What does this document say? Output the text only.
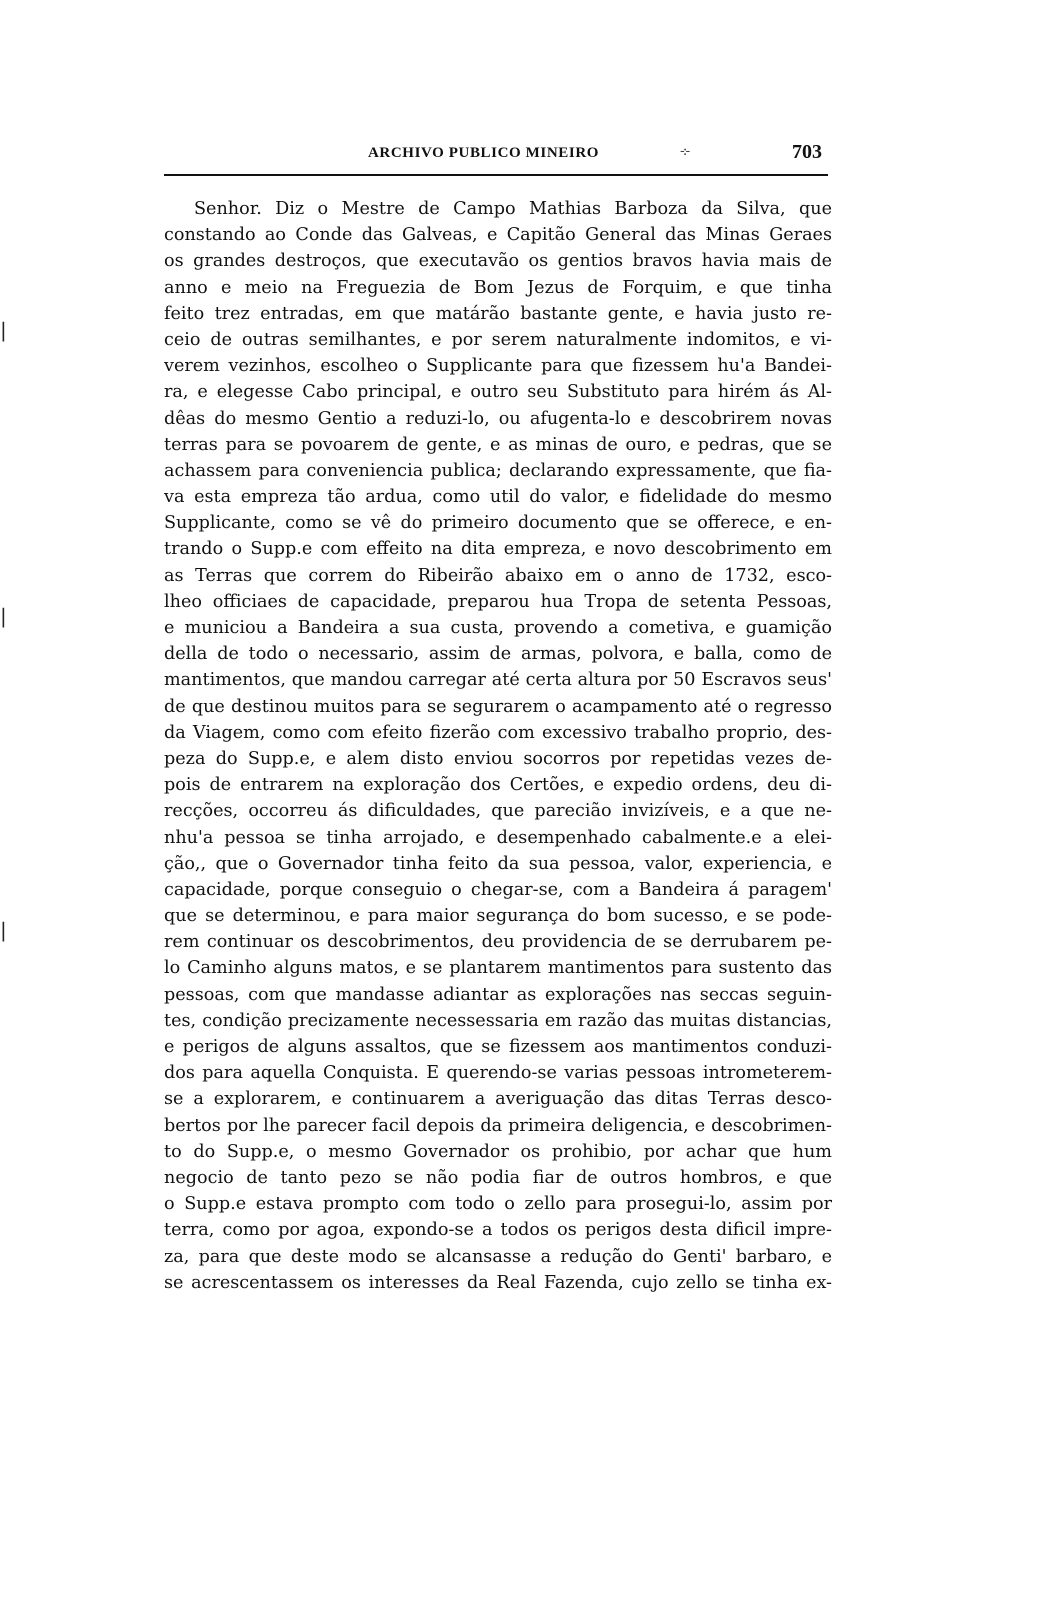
ARCHIVO PUBLICO MINEIRO	-:-	703
|
|
|
Senhor. Diz o Mestre de Campo Mathias Barboza da Silva, que
constando ao Conde das Galveas, e Capitão General das Minas Geraes
os grandes destroços, que executavão os gentios bravos havia mais de
anno e meio na Freguezia de Bom Jezus de Forquim, e que tinha
feito trez entradas, em que matárão bastante gente, e havia justo re-
ceio de outras semilhantes, e por serem naturalmente indomitos, e vi-
verem vezinhos, escolheo o Supplicante para que fizessem hu'a Bandei-
ra, e elegesse Cabo principal, e outro seu Substituto para hirém ás Al-
dêas do mesmo Gentio a reduzi-lo, ou afugenta-lo e descobrirem novas
terras para se povoarem de gente, e as minas de ouro, e pedras, que se
achassem para conveniencia publica; declarando expressamente, que fia-
va esta empreza tão ardua, como util do valor, e fidelidade do mesmo
Supplicante, como se vê do primeiro documento que se offerece, e en-
trando o Supp.e com effeito na dita empreza, e novo descobrimento em
as Terras que correm do Ribeirão abaixo em o anno de 1732, esco-
lheo officiaes de capacidade, preparou hua Tropa de setenta Pessoas,
e municiou a Bandeira a sua custa, provendo a cometiva, e guamição
della de todo o necessario, assim de armas, polvora, e balla, como de
mantimentos, que mandou carregar até certa altura por 50 Escravos seus'
de que destinou muitos para se segurarem o acampamento até o regresso
da Viagem, como com efeito fizerão com excessivo trabalho proprio, des-
peza do Supp.e, e alem disto enviou socorros por repetidas vezes de-
pois de entrarem na exploração dos Certões, e expedio ordens, deu di-
recções, occorreu ás dificuldades, que parecião invizíveis, e a que ne-
nhu'a pessoa se tinha arrojado, e desempenhado cabalmente.e a elei-
ção,, que o Governador tinha feito da sua pessoa, valor, experiencia, e
capacidade, porque conseguio o chegar-se, com a Bandeira á paragem'
que se determinou, e para maior segurança do bom sucesso, e se pode-
rem continuar os descobrimentos, deu providencia de se derrubarem pe-
lo Caminho alguns matos, e se plantarem mantimentos para sustento das
pessoas, com que mandasse adiantar as explorações nas seccas seguin-
tes, condição precizamente necessessaria em razão das muitas distancias,
e perigos de alguns assaltos, que se fizessem aos mantimentos conduzi-
dos para aquella Conquista. E querendo-se varias pessoas intrometerem-
se a explorarem, e continuarem a averiguação das ditas Terras desco-
bertos por lhe parecer facil depois da primeira deligencia, e descobrimen-
to do Supp.e, o mesmo Governador os prohibio, por achar que hum
negocio de tanto pezo se não podia fiar de outros hombros, e que
o Supp.e estava prompto com todo o zello para prosegui-lo, assim por
terra, como por agoa, expondo-se a todos os perigos desta dificil impre-
za, para que deste modo se alcansasse a redução do Genti' barbaro, e
se acrescentassem os interesses da Real Fazenda, cujo zello se tinha ex-
